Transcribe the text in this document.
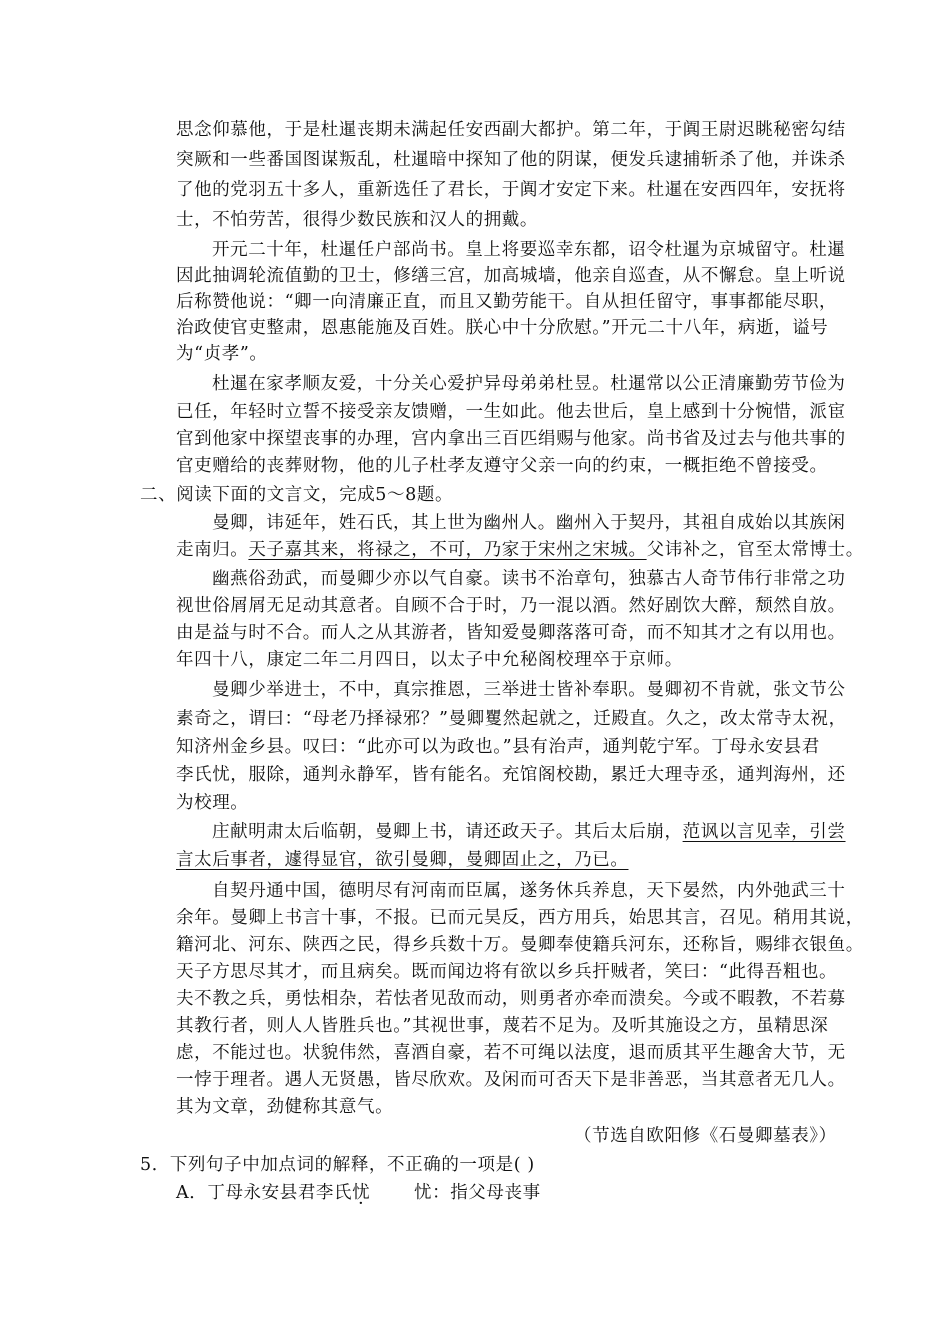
思念仰慕他，于是杜暹丧期未满起任安西副大都护。第二年，于阗王尉迟眺秘密勾结
突厥和一些番国图谋叛乱，杜暹暗中探知了他的阴谋，便发兵逮捕斩杀了他，并诛杀
了他的党羽五十多人，重新选任了君长，于阗才安定下来。杜暹在安西四年，安抚将
士，不怕劳苦，很得少数民族和汉人的拥戴。
开元二十年，杜暹任户部尚书。皇上将要巡幸东都，诏令杜暹为京城留守。杜暹
因此抽调轮流值勤的卫士，修缮三宫，加高城墙，他亲自巡查，从不懈怠。皇上听说
后称赞他说：“卿一向清廉正直，而且又勤劳能干。自从担任留守，事事都能尽职，
治政使官吏整肃，恩惠能施及百姓。朕心中十分欣慰。”开元二十八年，病逝，谥号
为“贞孝”。
杜暹在家孝顺友爱，十分关心爱护异母弟弟杜昱。杜暹常以公正清廉勤劳节俭为
已任，年轻时立誓不接受亲友馈赠，一生如此。他去世后，皇上感到十分惋惜，派宦
官到他家中探望丧事的办理，宫内拿出三百匹绢赐与他家。尚书省及过去与他共事的
官吏赠给的丧葬财物，他的儿子杜孝友遵守父亲一向的约束，一概拒绝不曾接受。
二、阅读下面的文言文，完成5～8题。
曼卿，讳延年，姓石氏，其上世为幽州人。幽州入于契丹，其祖自成始以其族闲
走南归。天子嘉其来，将禄之，不可，乃家于宋州之宋城。父讳补之，官至太常博士。
幽燕俗劲武，而曼卿少亦以气自豪。读书不治章句，独慕古人奇节伟行非常之功
视世俗屑屑无足动其意者。自顾不合于时，乃一混以酒。然好剧饮大醉，颓然自放。
由是益与时不合。而人之从其游者，皆知爱曼卿落落可奇，而不知其才之有以用也。
年四十八，康定二年二月四日，以太子中允秘阁校理卒于京师。
曼卿少举进士，不中，真宗推恩，三举进士皆补奉职。曼卿初不肯就，张文节公
素奇之，谓曰：“母老乃择禄邪？”曼卿矍然起就之，迁殿直。久之，改太常寺太祝，
知济州金乡县。叹曰：“此亦可以为政也。”县有治声，通判乾宁军。丁母永安县君
李氏忧，服除，通判永静军，皆有能名。充馆阁校勘，累迁大理寺丞，通判海州，还
为校理。
庄献明肃太后临朝，曼卿上书，请还政天子。其后太后崩，范讽以言见幸，引尝
言太后事者，遽得显官，欲引曼卿，曼卿固止之，乃已。
自契丹通中国，德明尽有河南而臣属，遂务休兵养息，天下晏然，内外弛武三十
余年。曼卿上书言十事，不报。已而元昊反，西方用兵，始思其言，召见。稍用其说，
籍河北、河东、陕西之民，得乡兵数十万。曼卿奉使籍兵河东，还称旨，赐绯衣银鱼。
天子方思尽其才，而且病矣。既而闻边将有欲以乡兵扞贼者，笑曰：“此得吾粗也。
夫不教之兵，勇怯相杂，若怯者见敌而动，则勇者亦牵而溃矣。今或不暇教，不若募
其教行者，则人人皆胜兵也。”其视世事，蔑若不足为。及听其施设之方，虽精思深
虑，不能过也。状貌伟然，喜酒自豪，若不可绳以法度，退而质其平生趣舍大节，无
一悖于理者。遇人无贤愚，皆尽欣欢。及闲而可否天下是非善恶，当其意者无几人。
其为文章，劲健称其意气。
（节选自欧阳修《石曼卿墓表》）
5．下列句子中加点词的解释，不正确的一项是( )
A．丁母永安县君李氏忧	忧：指父母丧事
